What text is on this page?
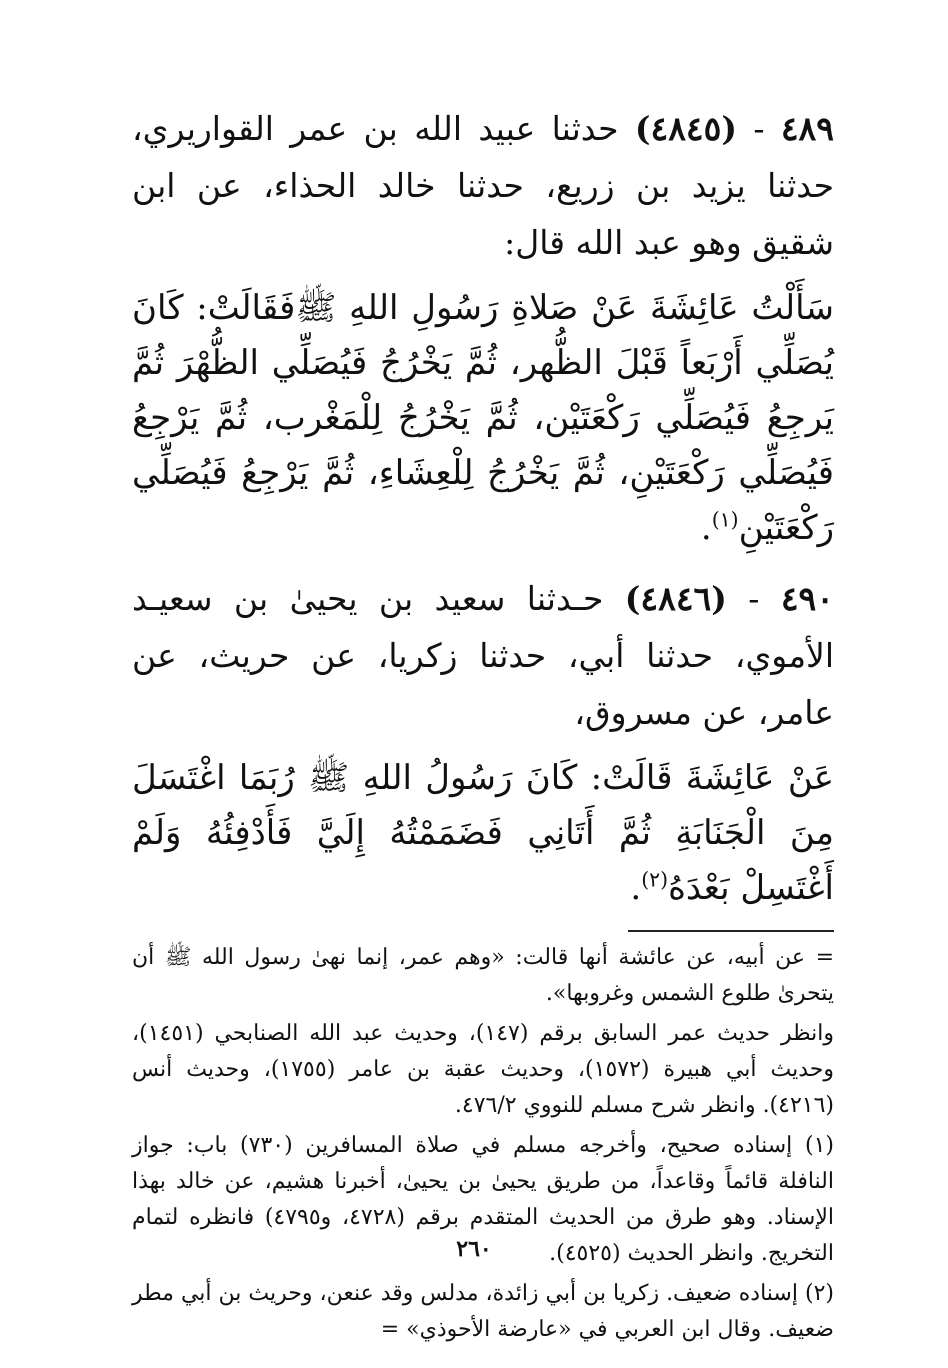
٤٨٩ - (٤٨٤٥) حدثنا عبيد الله بن عمر القواريري، حدثنا يزيد بن زريع، حدثنا خالد الحذاء، عن ابن شقيق وهو عبد الله قال:

سَأَلْتُ عَائِشَةَ عَنْ صَلاةِ رَسُولِ اللهِ ﷺفَقَالَتْ: كَانَ يُصَلِّي أَرْبَعاً قَبْلَ الظُّهر، ثُمَّ يَخْرُجُ فَيُصَلِّي الظُّهْرَ ثُمَّ يَرجِعُ فَيُصَلِّي رَكْعَتَيْن، ثُمَّ يَخْرُجُ لِلْمَغْرب، ثُمَّ يَرْجِعُ فَيُصَلِّي رَكْعَتَيْنِ، ثُمَّ يَخْرُجُ لِلْعِشَاءِ، ثُمَّ يَرْجِعُ فَيُصَلِّي رَكْعَتَيْنِ$^{(١)}$.

٤٩٠ - (٤٨٤٦) حـدثنا سعيد بن يحيىٰ بن سعيـد الأموي، حدثنا أبي، حدثنا زكريا، عن حريث، عن عامر، عن مسروق،

عَنْ عَائِشَةَ قَالَتْ: كَانَ رَسُولُ اللهِ ﷺ رُبَمَا اغْتَسَلَ مِنَ الْجَنَابَةِ ثُمَّ أَتَانِي فَضَمَمْتُهُ إِلَيَّ فَأَدْفِئُهُ وَلَمْ أَغْتَسِلْ بَعْدَهُ$^{(٢)}$.

= عن أبيه، عن عائشة أنها قالت: «وهم عمر، إنما نهىٰ رسول الله ﷺ أن يتحرىٰ طلوع الشمس وغروبها».

وانظر حديث عمر السابق برقم (١٤٧)، وحديث عبد الله الصنابحي (١٤٥١)، وحديث أبي هبيرة (١٥٧٢)، وحديث عقبة بن عامر (١٧٥٥)، وحديث أنس (٤٢١٦). وانظر شرح مسلم للنووي ٤٧٦/٢.

(١) إسناده صحيح، وأخرجه مسلم في صلاة المسافرين (٧٣٠) باب: جواز النافلة قائماً وقاعداً، من طريق يحيىٰ بن يحيىٰ، أخبرنا هشيم، عن خالد بهذا الإسناد. وهو طرق من الحديث المتقدم برقم (٤٧٢٨، و٤٧٩٥) فانظره لتمام التخريج. وانظر الحديث (٤٥٢٥).

(٢) إسناده ضعيف. زكريا بن أبي زائدة، مدلس وقد عنعن، وحريث بن أبي مطر ضعيف. وقال ابن العربي في «عارضة الأحوذي» =

٢٦٠
